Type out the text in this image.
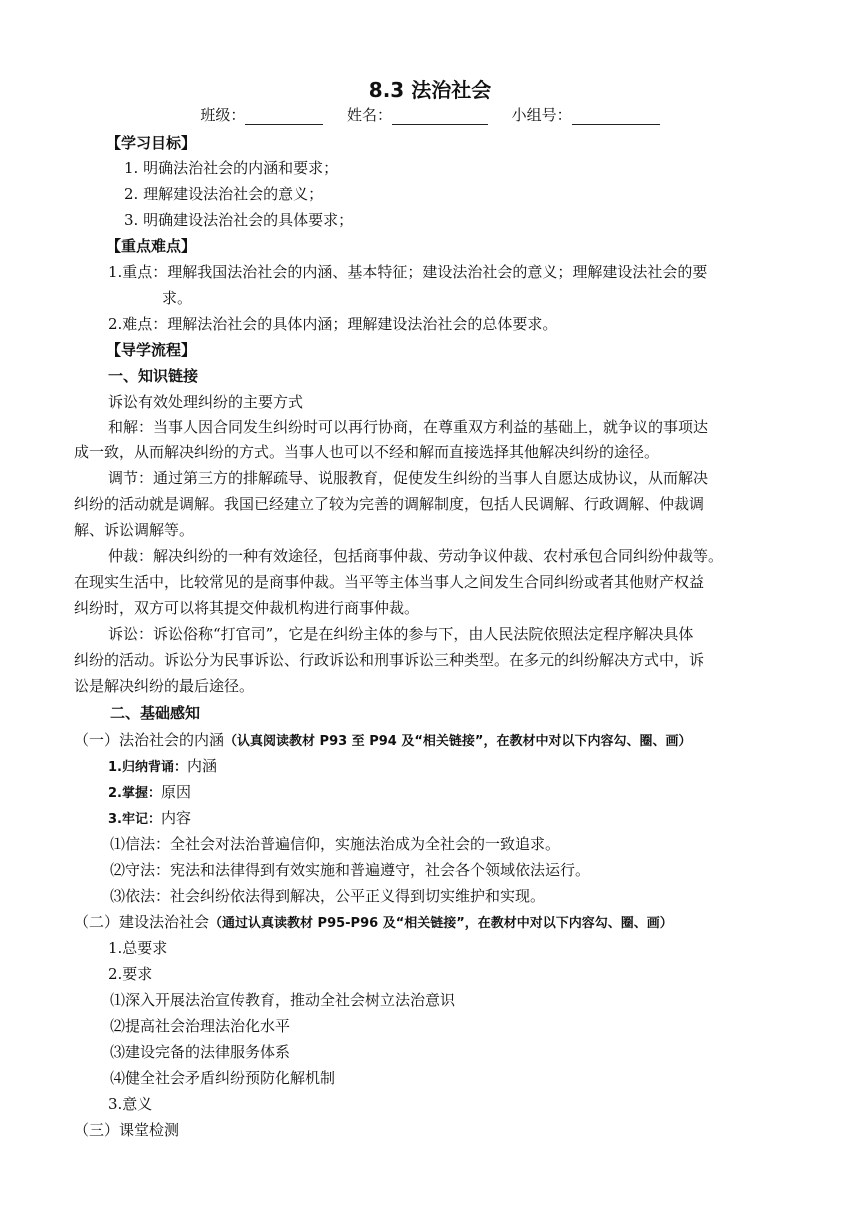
8.3 法治社会
班级：	姓名：	小组号：
【学习目标】
1. 明确法治社会的内涵和要求；
2. 理解建设法治社会的意义；
3. 明确建设法治社会的具体要求；
【重点难点】
1.重点：理解我国法治社会的内涵、基本特征；建设法治社会的意义；理解建设法社会的要
求。
2.难点：理解法治社会的具体内涵；理解建设法治社会的总体要求。
【导学流程】
一、知识链接
诉讼有效处理纠纷的主要方式
和解：当事人因合同发生纠纷时可以再行协商，在尊重双方利益的基础上，就争议的事项达
成一致，从而解决纠纷的方式。当事人也可以不经和解而直接选择其他解决纠纷的途径。
调节：通过第三方的排解疏导、说服教育，促使发生纠纷的当事人自愿达成协议，从而解决
纠纷的活动就是调解。我国已经建立了较为完善的调解制度，包括人民调解、行政调解、仲裁调
解、诉讼调解等。
仲裁：解决纠纷的一种有效途径，包括商事仲裁、劳动争议仲裁、农村承包合同纠纷仲裁等。
在现实生活中，比较常见的是商事仲裁。当平等主体当事人之间发生合同纠纷或者其他财产权益
纠纷时，双方可以将其提交仲裁机构进行商事仲裁。
诉讼：诉讼俗称“打官司”，它是在纠纷主体的参与下，由人民法院依照法定程序解决具体
纠纷的活动。诉讼分为民事诉讼、行政诉讼和刑事诉讼三种类型。在多元的纠纷解决方式中，诉
讼是解决纠纷的最后途径。
二、基础感知
（一）法治社会的内涵（认真阅读教材 P93 至 P94 及“相关链接”，在教材中对以下内容勾、圈、画）
1.归纳背诵：内涵
2.掌握：原因
3.牢记：内容
⑴信法：全社会对法治普遍信仰，实施法治成为全社会的一致追求。
⑵守法：宪法和法律得到有效实施和普遍遵守，社会各个领域依法运行。
⑶依法：社会纠纷依法得到解决，公平正义得到切实维护和实现。
（二）建设法治社会（通过认真读教材 P95-P96 及“相关链接”，在教材中对以下内容勾、圈、画）
1.总要求
2.要求
⑴深入开展法治宣传教育，推动全社会树立法治意识
⑵提高社会治理法治化水平
⑶建设完备的法律服务体系
⑷健全社会矛盾纠纷预防化解机制
3.意义
（三）课堂检测
